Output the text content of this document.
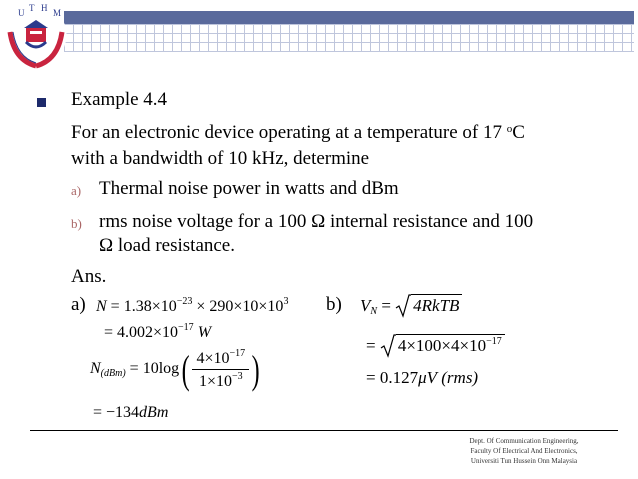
U T H M
Example 4.4
For an electronic device operating at a temperature of 17 $^o$C
with a bandwidth of 10 kHz, determine
a) Thermal noise power in watts and dBm
b) rms noise voltage for a 100 Ω internal resistance and 100
Ω load resistance.
Ans.
a)	b)
$N = 1.38\times 10^{-23} \times 290\times 10\times 10^3$
= $4.002\times 10^{-17}$ W
$N_{(dBm)} = 10\log( \frac{4\times 10^{-17}}{1\times 10^{-3}}$ )
= −134dBm
$V_N$ = 4RkTB
= $4\times 100\times 4\times 10^{-17}$
= 0.127μV (rms)
Dept. Of Communication Engineering,
Faculty Of Electrical And Electronics,
Universiti Tun Hussein Onn Malaysia
